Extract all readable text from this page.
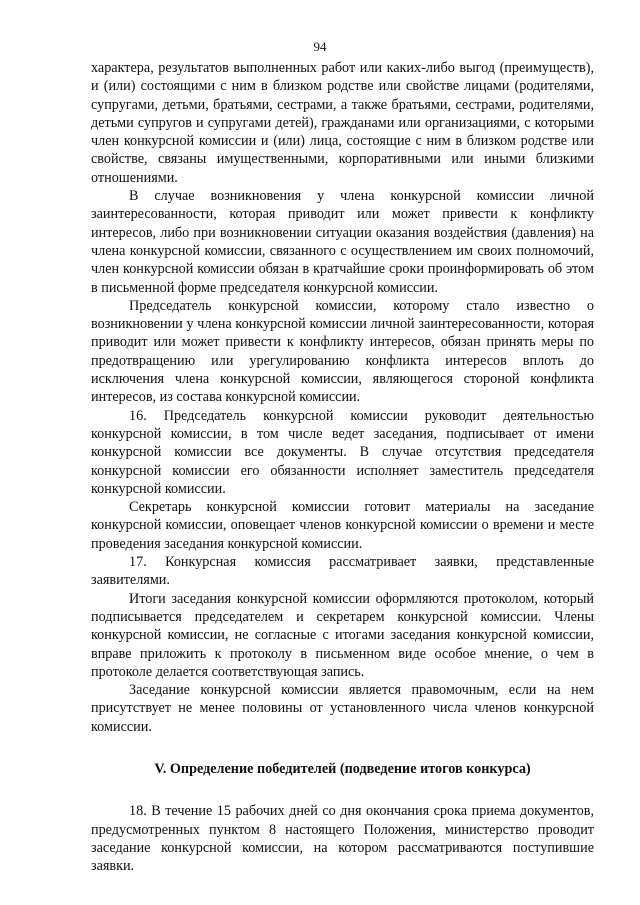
94

характера, результатов выполненных работ или каких-либо выгод (преимуществ), и (или) состоящими с ним в близком родстве или свойстве лицами (родителями, супругами, детьми, братьями, сестрами, а также братьями, сестрами, родителями, детьми супругов и супругами детей), гражданами или организациями, с которыми член конкурсной комиссии и (или) лица, состоящие с ним в близком родстве или свойстве, связаны имущественными, корпоративными или иными близкими отношениями.

В случае возникновения у члена конкурсной комиссии личной заинтересованности, которая приводит или может привести к конфликту интересов, либо при возникновении ситуации оказания воздействия (давления) на члена конкурсной комиссии, связанного с осуществлением им своих полномочий, член конкурсной комиссии обязан в кратчайшие сроки проинформировать об этом в письменной форме председателя конкурсной комиссии.

Председатель конкурсной комиссии, которому стало известно о возникновении у члена конкурсной комиссии личной заинтересованности, которая приводит или может привести к конфликту интересов, обязан принять меры по предотвращению или урегулированию конфликта интересов вплоть до исключения члена конкурсной комиссии, являющегося стороной конфликта интересов, из состава конкурсной комиссии.

16. Председатель конкурсной комиссии руководит деятельностью конкурсной комиссии, в том числе ведет заседания, подписывает от имени конкурсной комиссии все документы. В случае отсутствия председателя конкурсной комиссии его обязанности исполняет заместитель председателя конкурсной комиссии.

Секретарь конкурсной комиссии готовит материалы на заседание конкурсной комиссии, оповещает членов конкурсной комиссии о времени и месте проведения заседания конкурсной комиссии.

17. Конкурсная комиссия рассматривает заявки, представленные заявителями.

Итоги заседания конкурсной комиссии оформляются протоколом, который подписывается председателем и секретарем конкурсной комиссии. Члены конкурсной комиссии, не согласные с итогами заседания конкурсной комиссии, вправе приложить к протоколу в письменном виде особое мнение, о чем в протоколе делается соответствующая запись.

Заседание конкурсной комиссии является правомочным, если на нем присутствует не менее половины от установленного числа членов конкурсной комиссии.

V. Определение победителей (подведение итогов конкурса)

18. В течение 15 рабочих дней со дня окончания срока приема документов, предусмотренных пунктом 8 настоящего Положения, министерство проводит заседание конкурсной комиссии, на котором рассматриваются поступившие заявки.
